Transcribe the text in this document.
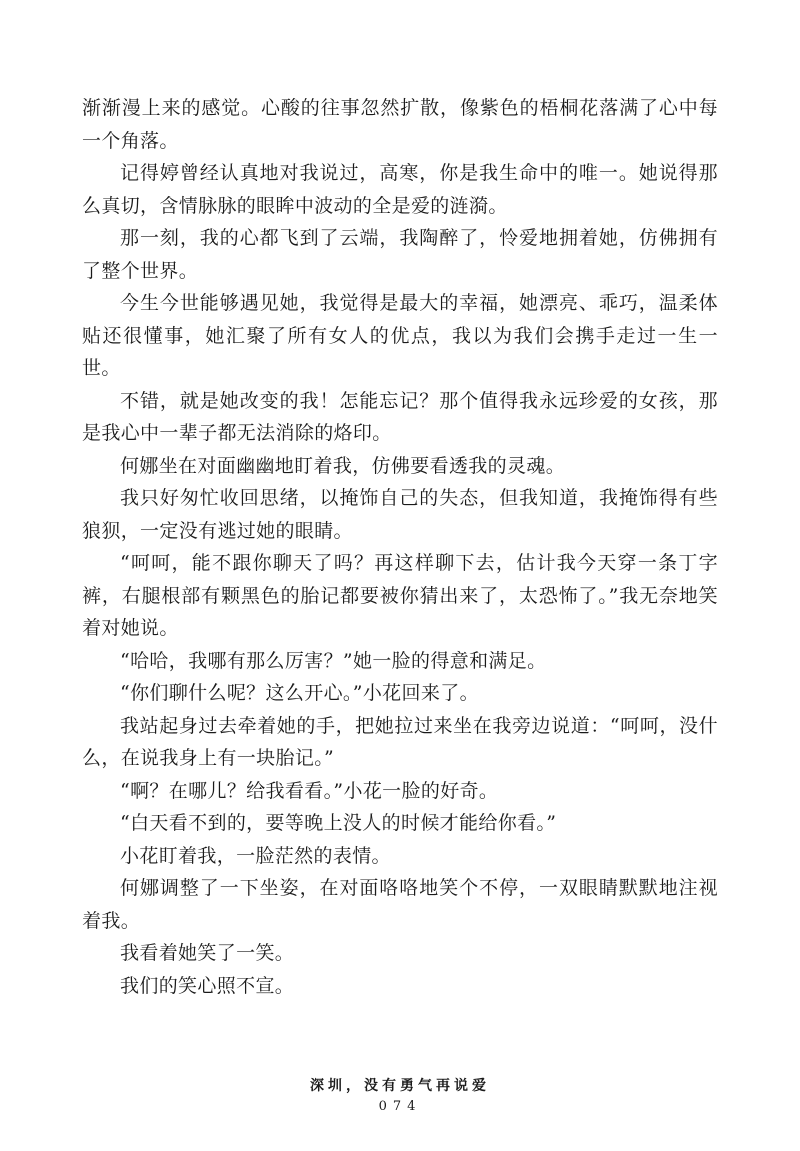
渐渐漫上来的感觉。心酸的往事忽然扩散，像紫色的梧桐花落满了心中每一个角落。

记得婷曾经认真地对我说过，高寒，你是我生命中的唯一。她说得那么真切，含情脉脉的眼眸中波动的全是爱的涟漪。

那一刻，我的心都飞到了云端，我陶醉了，怜爱地拥着她，仿佛拥有了整个世界。

今生今世能够遇见她，我觉得是最大的幸福，她漂亮、乖巧，温柔体贴还很懂事，她汇聚了所有女人的优点，我以为我们会携手走过一生一世。

不错，就是她改变的我！怎能忘记？那个值得我永远珍爱的女孩，那是我心中一辈子都无法消除的烙印。

何娜坐在对面幽幽地盯着我，仿佛要看透我的灵魂。

我只好匆忙收回思绪，以掩饰自己的失态，但我知道，我掩饰得有些狼狈，一定没有逃过她的眼睛。

“呵呵，能不跟你聊天了吗？再这样聊下去，估计我今天穿一条丁字裤，右腿根部有颗黑色的胎记都要被你猜出来了，太恐怖了。”我无奈地笑着对她说。

“哈哈，我哪有那么厉害？”她一脸的得意和满足。

“你们聊什么呢？这么开心。”小花回来了。

我站起身过去牵着她的手，把她拉过来坐在我旁边说道：“呵呵，没什么，在说我身上有一块胎记。”

“啊？在哪儿？给我看看。”小花一脸的好奇。

“白天看不到的，要等晚上没人的时候才能给你看。”

小花盯着我，一脸茫然的表情。

何娜调整了一下坐姿，在对面咯咯地笑个不停，一双眼睛默默地注视着我。

我看着她笑了一笑。

我们的笑心照不宣。

深圳，没有勇气再说爱
074
